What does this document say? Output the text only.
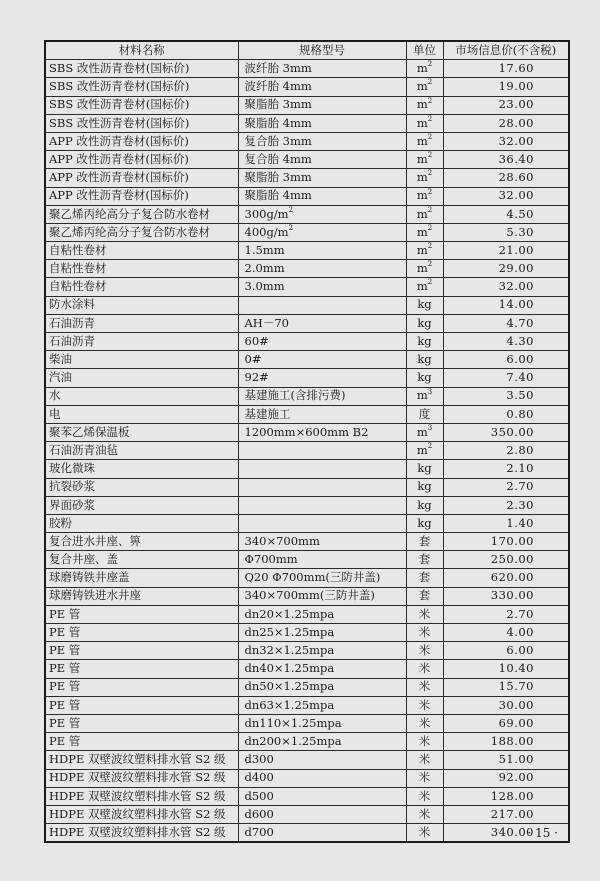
材料名称	规格型号	单位	市场信息价(不含税)
SBS 改性沥青卷材(国标价)	波纤胎 3mm	$m^2$	17.60
SBS 改性沥青卷材(国标价)	波纤胎 4mm	$m^2$	19.00
SBS 改性沥青卷材(国标价)	聚脂胎 3mm	$m^2$	23.00
SBS 改性沥青卷材(国标价)	聚脂胎 4mm	$m^2$	28.00
APP 改性沥青卷材(国标价)	复合胎 3mm	$m^2$	32.00
APP 改性沥青卷材(国标价)	复合胎 4mm	$m^2$	36.40
APP 改性沥青卷材(国标价)	聚脂胎 3mm	$m^2$	28.60
APP 改性沥青卷材(国标价)	聚脂胎 4mm	$m^2$	32.00
聚乙烯丙纶高分子复合防水卷材	$300g/m^2$	$m^2$	4.50
聚乙烯丙纶高分子复合防水卷材	$400g/m^2$	$m^2$	5.30
自粘性卷材	1.5mm	$m^2$	21.00
自粘性卷材	2.0mm	$m^2$	29.00
自粘性卷材	3.0mm	$m^2$	32.00
防水涂料		kg	14.00
石油沥青	AH－70	kg	4.70
石油沥青	60#	kg	4.30
柴油	0#	kg	6.00
汽油	92#	kg	7.40
水	基建施工(含排污费)	$m^3$	3.50
电	基建施工	度	0.80
聚苯乙烯保温板	1200mm×600mm B2	$m^3$	350.00
石油沥青油毡		$m^2$	2.80
玻化微珠		kg	2.10
抗裂砂浆		kg	2.70
界面砂浆		kg	2.30
胶粉		kg	1.40
复合进水井座、箅	340×700mm	套	170.00
复合井座、盖	Φ700mm	套	250.00
球磨铸铁井座盖	Q20 Φ700mm(三防井盖)	套	620.00
球磨铸铁进水井座	340×700mm(三防井盖)	套	330.00
PE 管	dn20×1.25mpa	米	2.70
PE 管	dn25×1.25mpa	米	4.00
PE 管	dn32×1.25mpa	米	6.00
PE 管	dn40×1.25mpa	米	10.40
PE 管	dn50×1.25mpa	米	15.70
PE 管	dn63×1.25mpa	米	30.00
PE 管	dn110×1.25mpa	米	69.00
PE 管	dn200×1.25mpa	米	188.00
HDPE 双壁波纹塑料排水管 S2 级	d300	米	51.00
HDPE 双壁波纹塑料排水管 S2 级	d400	米	92.00
HDPE 双壁波纹塑料排水管 S2 级	d500	米	128.00
HDPE 双壁波纹塑料排水管 S2 级	d600	米	217.00
HDPE 双壁波纹塑料排水管 S2 级	d700	米	340.00
· 15 ·
